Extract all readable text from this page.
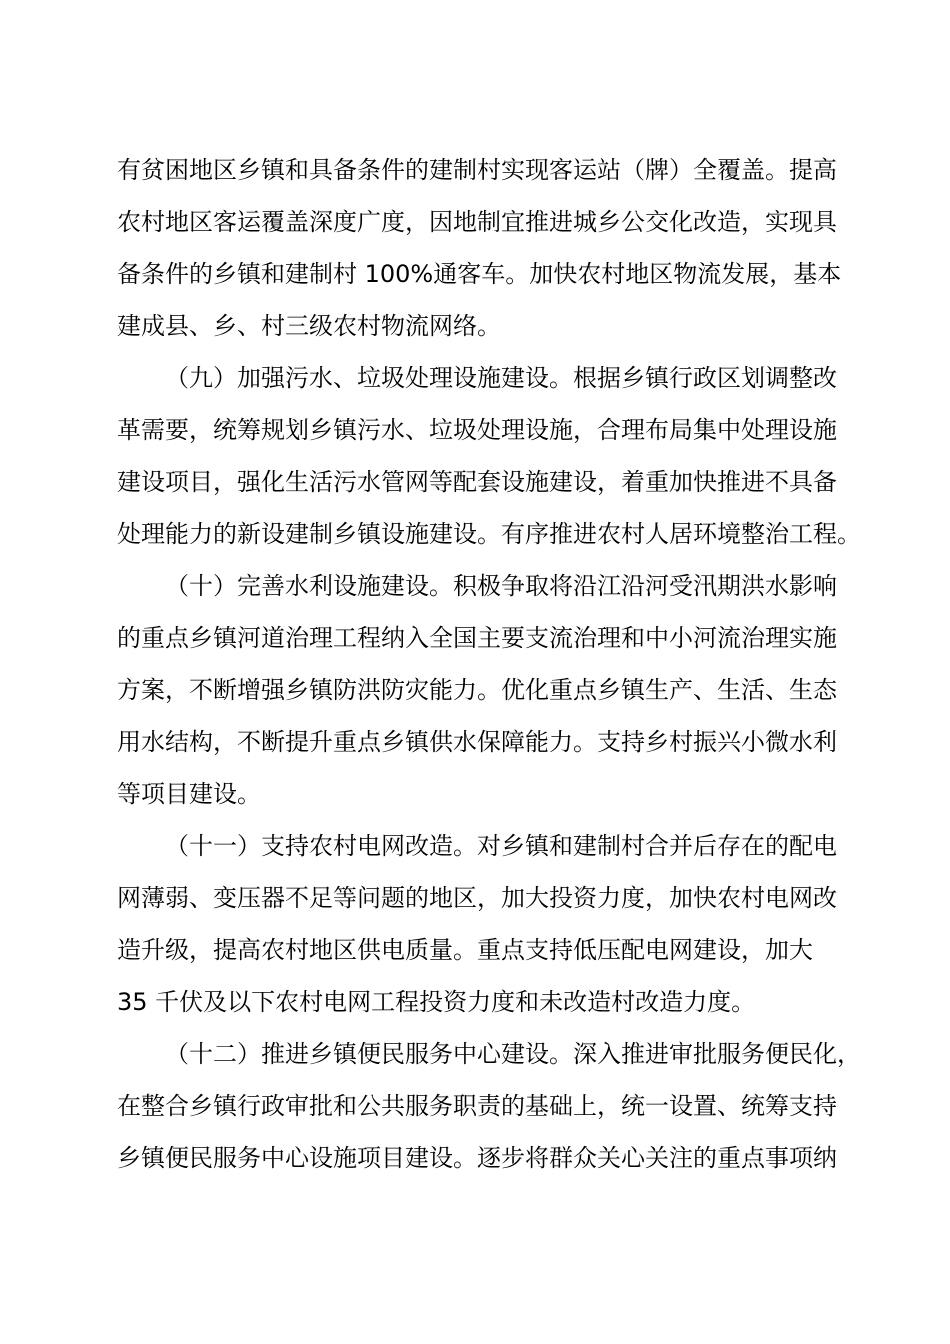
有贫困地区乡镇和具备条件的建制村实现客运站（牌）全覆盖。提高
农村地区客运覆盖深度广度，因地制宜推进城乡公交化改造，实现具
备条件的乡镇和建制村 100%通客车。加快农村地区物流发展，基本
建成县、乡、村三级农村物流网络。
（九）加强污水、垃圾处理设施建设。根据乡镇行政区划调整改
革需要，统筹规划乡镇污水、垃圾处理设施，合理布局集中处理设施
建设项目，强化生活污水管网等配套设施建设，着重加快推进不具备
处理能力的新设建制乡镇设施建设。有序推进农村人居环境整治工程。
（十）完善水利设施建设。积极争取将沿江沿河受汛期洪水影响
的重点乡镇河道治理工程纳入全国主要支流治理和中小河流治理实施
方案，不断增强乡镇防洪防灾能力。优化重点乡镇生产、生活、生态
用水结构，不断提升重点乡镇供水保障能力。支持乡村振兴小微水利
等项目建设。
（十一）支持农村电网改造。对乡镇和建制村合并后存在的配电
网薄弱、变压器不足等问题的地区，加大投资力度，加快农村电网改
造升级，提高农村地区供电质量。重点支持低压配电网建设，加大
35 千伏及以下农村电网工程投资力度和未改造村改造力度。
（十二）推进乡镇便民服务中心建设。深入推进审批服务便民化，
在整合乡镇行政审批和公共服务职责的基础上，统一设置、统筹支持
乡镇便民服务中心设施项目建设。逐步将群众关心关注的重点事项纳
